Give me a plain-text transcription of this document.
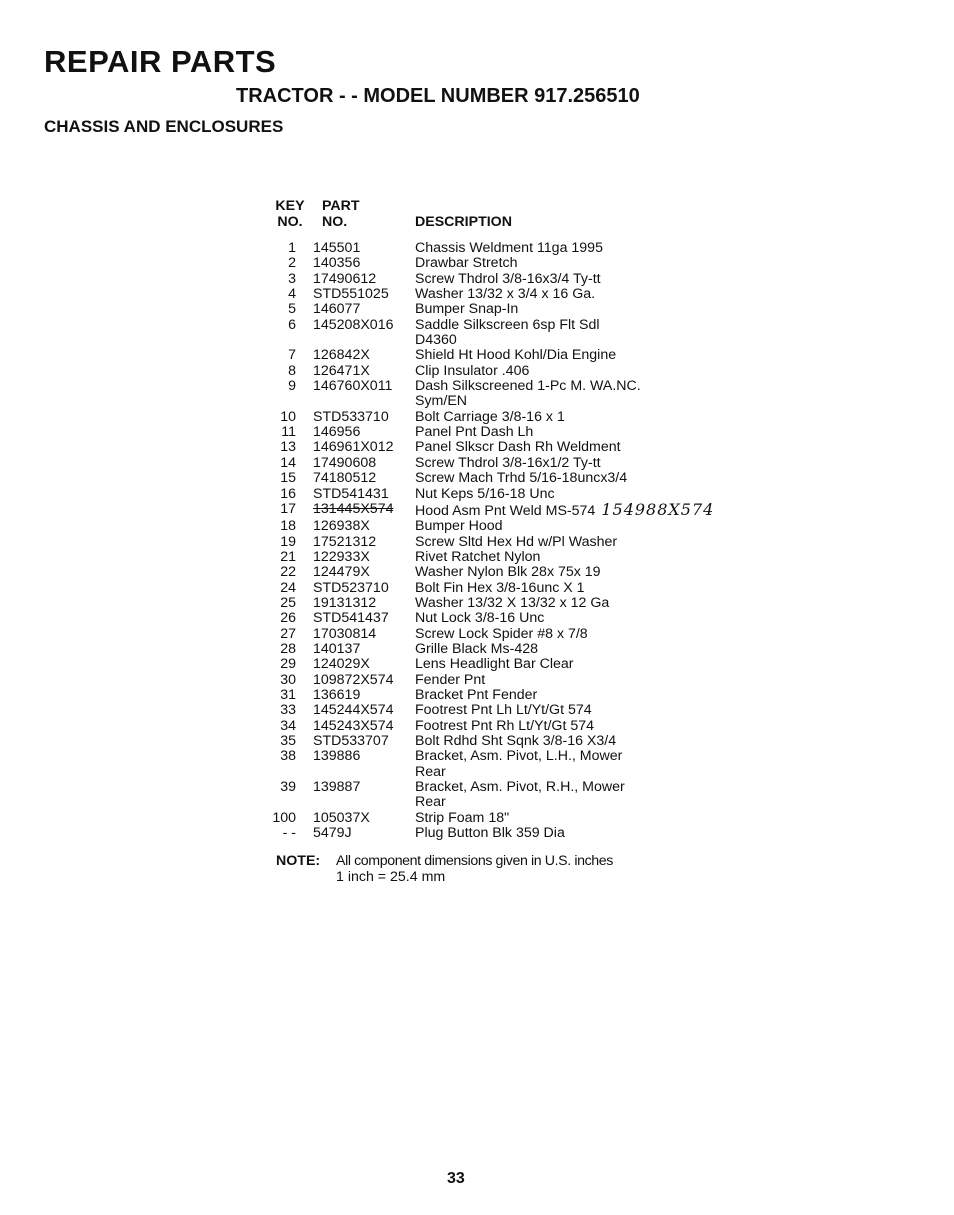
REPAIR PARTS
TRACTOR - - MODEL NUMBER 917.256510
CHASSIS AND ENCLOSURES
KEY
NO.
PART
NO.	DESCRIPTION
1	145501	Chassis Weldment 11ga 1995
2	140356	Drawbar Stretch
3	17490612	Screw Thdrol 3/8-16x3/4 Ty-tt
4	STD551025	Washer 13/32 x 3/4 x 16 Ga.
5	146077	Bumper Snap-In
6	145208X016	Saddle Silkscreen 6sp Flt Sdl
D4360
7	126842X	Shield Ht Hood Kohl/Dia Engine
8	126471X	Clip Insulator .406
9	146760X011	Dash Silkscreened 1-Pc M. WA.NC.
Sym/EN
10	STD533710	Bolt Carriage 3/8-16 x 1
11	146956	Panel Pnt Dash Lh
13	146961X012	Panel Slkscr Dash Rh Weldment
14	17490608	Screw Thdrol 3/8-16x1/2 Ty-tt
15	74180512	Screw Mach Trhd 5/16-18uncx3/4
16	STD541431	Nut Keps 5/16-18 Unc
17	131445X574	Hood Asm Pnt Weld MS-574 154988X574
18	126938X	Bumper Hood
19	17521312	Screw Sltd Hex Hd w/Pl Washer
21	122933X	Rivet Ratchet Nylon
22	124479X	Washer Nylon Blk 28x 75x 19
24	STD523710	Bolt Fin Hex 3/8-16unc X 1
25	19131312	Washer 13/32 X 13/32 x 12 Ga
26	STD541437	Nut Lock 3/8-16 Unc
27	17030814	Screw Lock Spider #8 x 7/8
28	140137	Grille Black Ms-428
29	124029X	Lens Headlight Bar Clear
30	109872X574	Fender Pnt
31	136619	Bracket Pnt Fender
33	145244X574	Footrest Pnt Lh Lt/Yt/Gt 574
34	145243X574	Footrest Pnt Rh Lt/Yt/Gt 574
35	STD533707	Bolt Rdhd Sht Sqnk 3/8-16 X3/4
38	139886	Bracket, Asm. Pivot, L.H., Mower
Rear
39	139887	Bracket, Asm. Pivot, R.H., Mower
Rear
100	105037X	Strip Foam 18"
- -	5479J	Plug Button Blk 359 Dia
NOTE:	All component dimensions given in U.S. inches
1 inch = 25.4 mm
33
